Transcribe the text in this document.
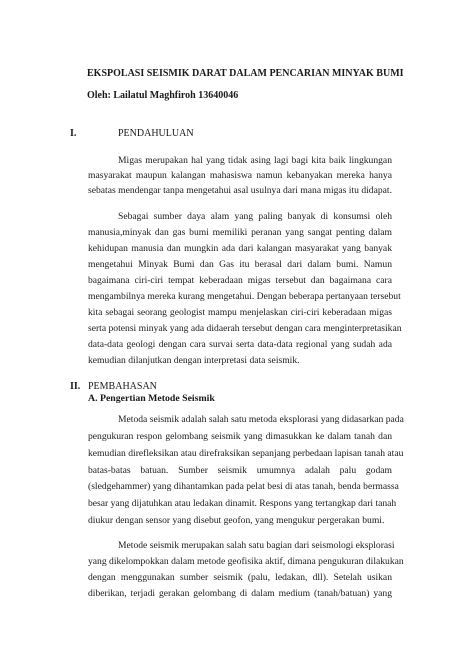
EKSPOLASI SEISMIK DARAT DALAM PENCARIAN MINYAK BUMI
Oleh: Lailatul Maghfiroh 13640046
I.	PENDAHULUAN
Migas merupakan hal yang tidak asing lagi bagi kita baik lingkungan
masyarakat maupun kalangan mahasiswa namun kebanyakan mereka hanya
sebatas mendengar tanpa mengetahui asal usulnya dari mana migas itu didapat.
Sebagai sumber daya alam yang paling banyak di konsumsi oleh
manusia,minyak dan gas bumi memiliki peranan yang sangat penting dalam
kehidupan manusia dan mungkin ada dari kalangan masyarakat yang banyak
mengetahui Minyak Bumi dan Gas itu berasal dari dalam bumi. Namun
bagaimana ciri-ciri tempat keberadaan migas tersebut dan bagaimana cara
mengambilnya mereka kurang mengetahui. Dengan beberapa pertanyaan tersebut
kita sebagai seorang geologist mampu menjelaskan ciri-ciri keberadaan migas
serta potensi minyak yang ada didaerah tersebut dengan cara menginterpretasikan
data-data geologi dengan cara survai serta data-data regional yang sudah ada
kemudian dilanjutkan dengan interpretasi data seismik.
II. PEMBAHASAN
A. Pengertian Metode Seismik
Metoda seismik adalah salah satu metoda eksplorasi yang didasarkan pada
pengukuran respon gelombang seismik yang dimasukkan ke dalam tanah dan
kemudian direfleksikan atau direfraksikan sepanjang perbedaan lapisan tanah atau
batas-batas batuan. Sumber seismik umumnya adalah palu godam
(sledgehammer) yang dihantamkan pada pelat besi di atas tanah, benda bermassa
besar yang dijatuhkan atau ledakan dinamit. Respons yang tertangkap dari tanah
diukur dengan sensor yang disebut geofon, yang mengukur pergerakan bumi.
Metode seismik merupakan salah satu bagian dari seismologi eksplorasi
yang dikelompokkan dalam metode geofisika aktif, dimana pengukuran dilakukan
dengan menggunakan sumber seismik (palu, ledakan, dll). Setelah usikan
diberikan, terjadi gerakan gelombang di dalam medium (tanah/batuan) yang
